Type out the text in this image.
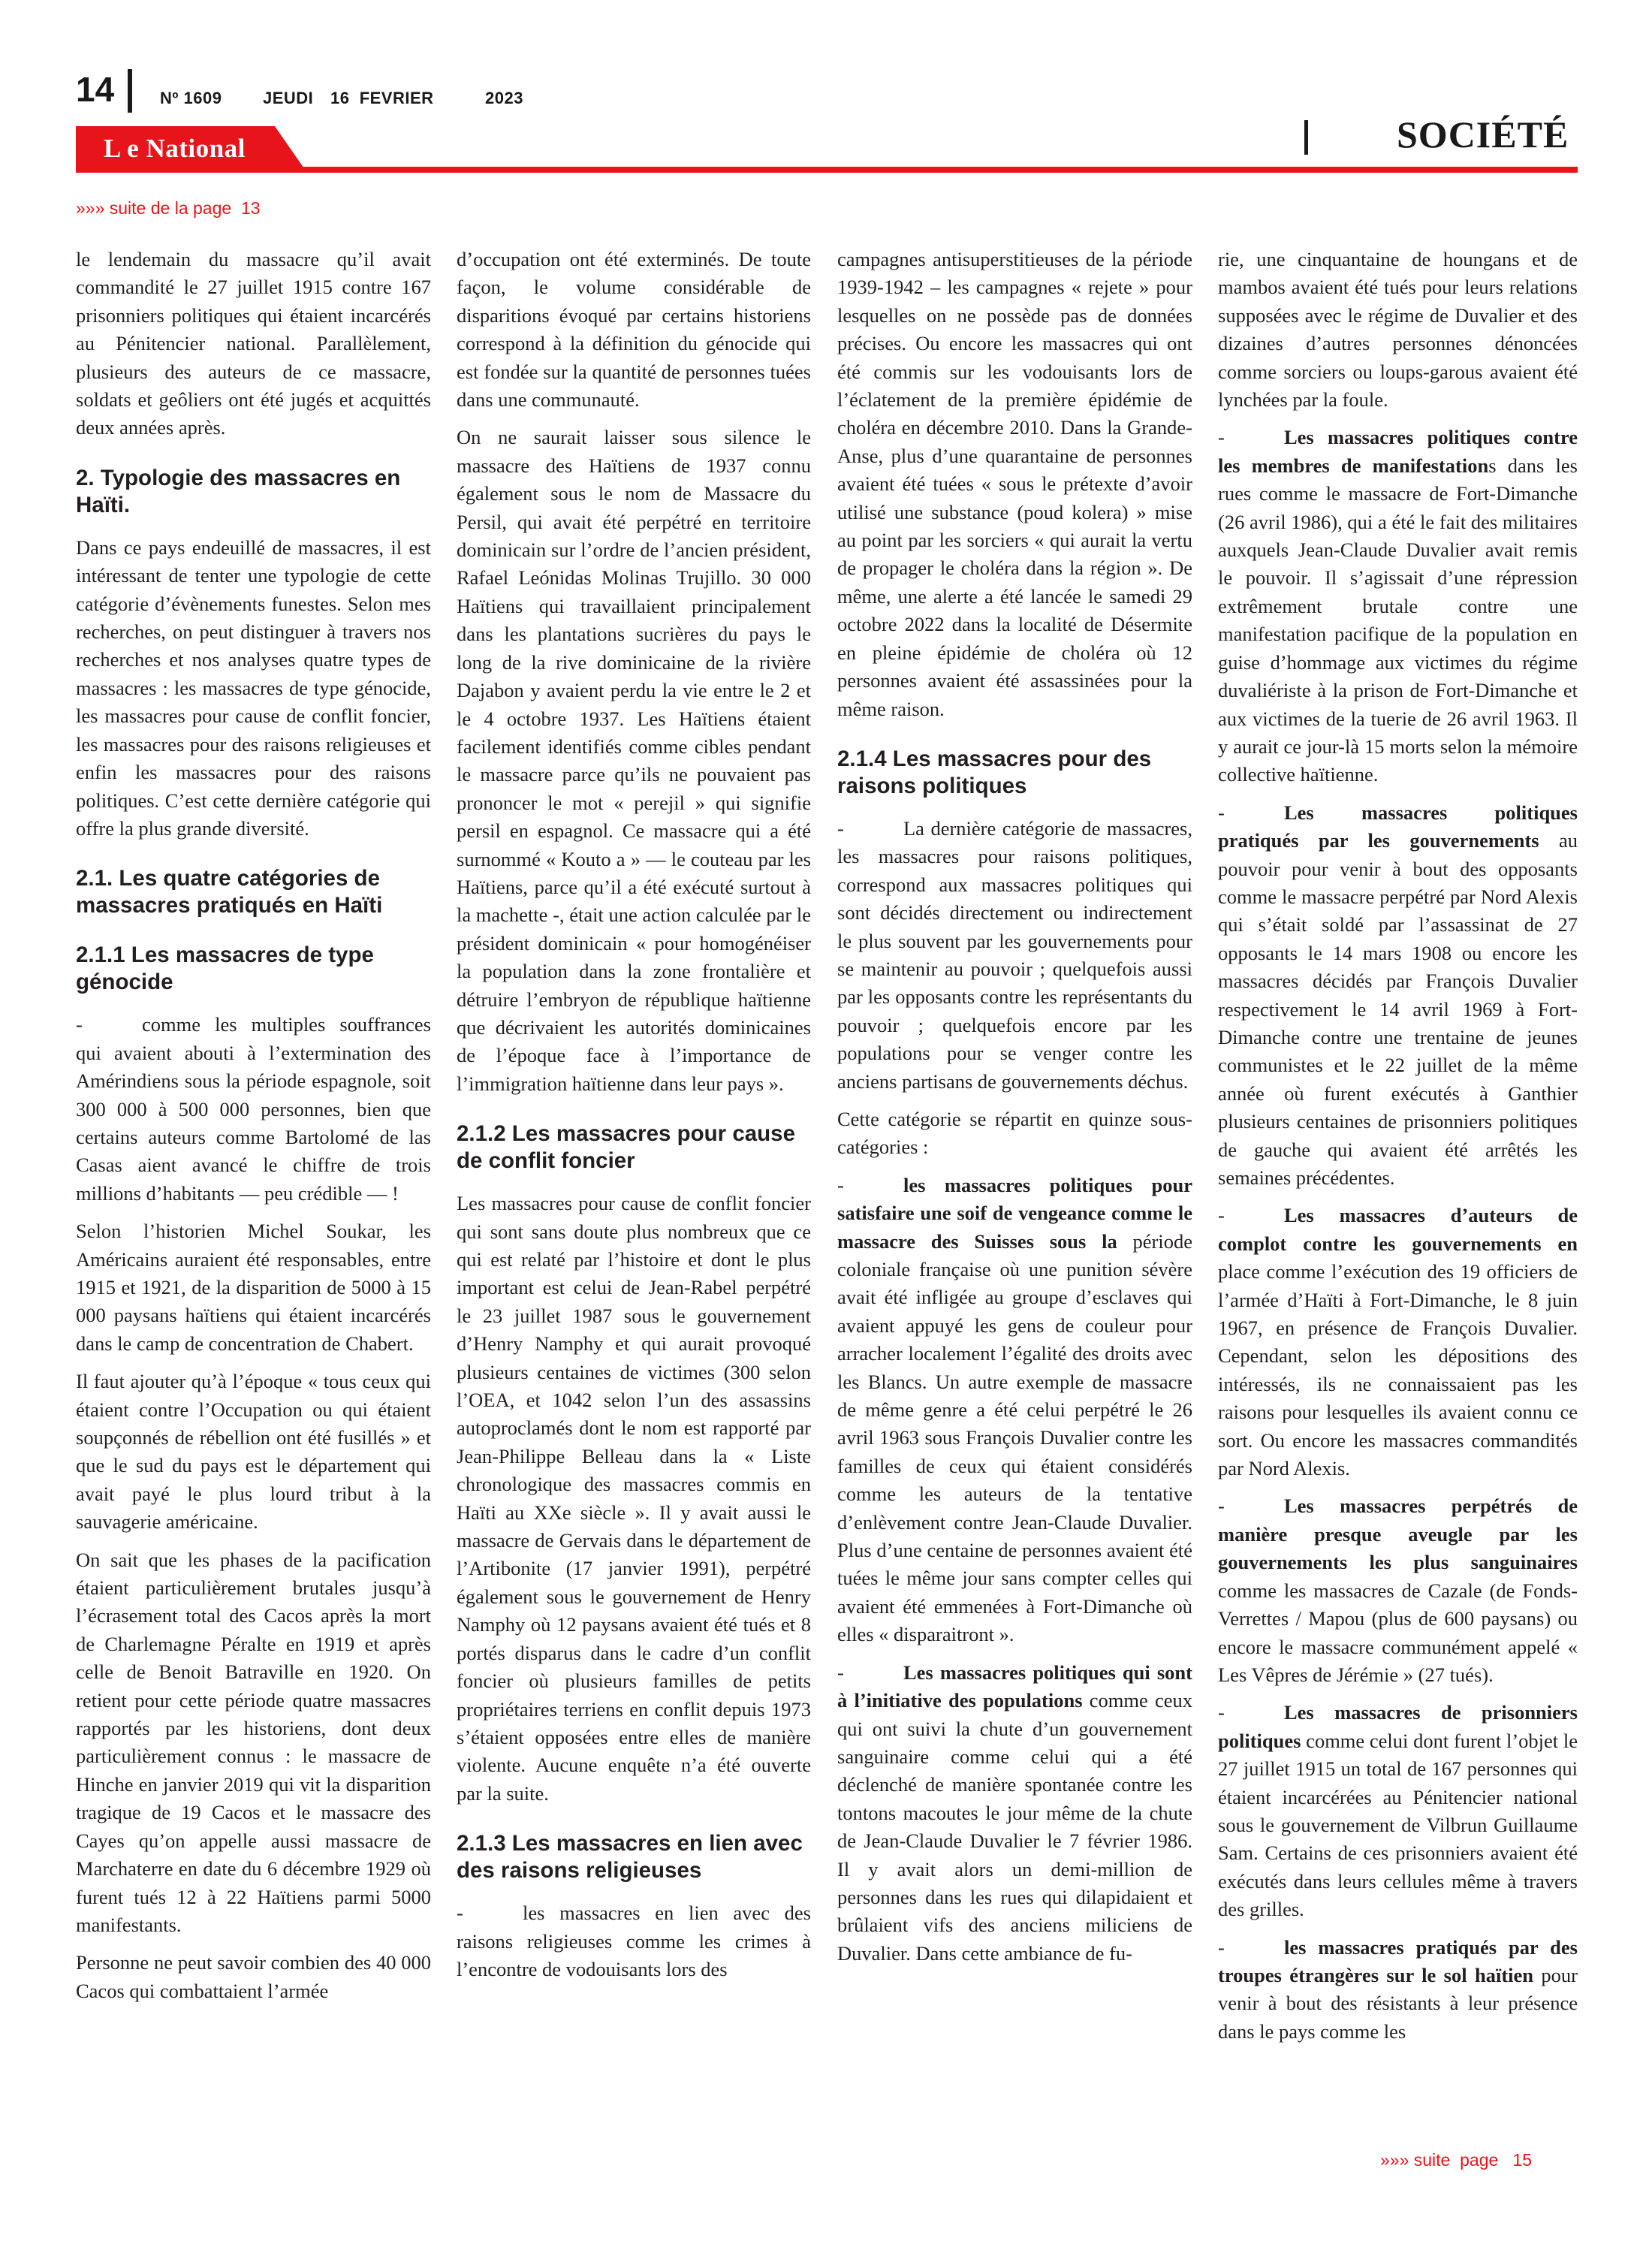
14	Nº 1609 JEUDI 16  FEVRIER	2023
L e National	SOCIÉTÉ
»»» suite de la page  13

le lendemain du massacre qu’il avait commandité le 27 juillet 1915 contre 167 prisonniers politiques qui étaient incarcérés au Pénitencier national. Parallèlement, plusieurs des auteurs de ce massacre, soldats et geôliers ont été jugés et acquittés deux années après.

2. Typologie des massacres en Haïti.

Dans ce pays endeuillé de massacres, il est intéressant de tenter une typologie de cette catégorie d’évènements funestes. Selon mes recherches, on peut distinguer à travers nos recherches et nos analyses quatre types de massacres : les massacres de type génocide, les massacres pour cause de conflit foncier, les massacres pour des raisons religieuses et enfin les massacres pour des raisons politiques. C’est cette dernière catégorie qui offre la plus grande diversité.

2.1. Les quatre catégories de massacres pratiqués en Haïti
2.1.1 Les massacres de type génocide

-	comme les multiples souffrances qui avaient abouti à l’extermination des Amérindiens sous la période espagnole, soit 300 000 à 500 000 personnes, bien que certains auteurs comme Bartolomé de las Casas aient avancé le chiffre de trois millions d’habitants — peu crédible — !

Selon l’historien Michel Soukar, les Américains auraient été responsables, entre 1915 et 1921, de la disparition de 5000 à 15 000 paysans haïtiens qui étaient incarcérés dans le camp de concentration de Chabert.

Il faut ajouter qu’à l’époque « tous ceux qui étaient contre l’Occupation ou qui étaient soupçonnés de rébellion ont été fusillés » et que le sud du pays est le département qui avait payé le plus lourd tribut à la sauvagerie américaine.

On sait que les phases de la pacification étaient particulièrement brutales jusqu’à l’écrasement total des Cacos après la mort de Charlemagne Péralte en 1919 et après celle de Benoit Batraville en 1920. On retient pour cette période quatre massacres rapportés par les historiens, dont deux particulièrement connus : le massacre de Hinche en janvier 2019 qui vit la disparition tragique de 19 Cacos et le massacre des Cayes qu’on appelle aussi massacre de Marchaterre en date du 6 décembre 1929 où furent tués 12 à 22 Haïtiens parmi 5000 manifestants.

Personne ne peut savoir combien des 40 000 Cacos qui combattaient l’armée

d’occupation ont été exterminés. De toute façon, le volume considérable de disparitions évoqué par certains historiens correspond à la définition du génocide qui est fondée sur la quantité de personnes tuées dans une communauté.

On ne saurait laisser sous silence le massacre des Haïtiens de 1937 connu également sous le nom de Massacre du Persil, qui avait été perpétré en territoire dominicain sur l’ordre de l’ancien président, Rafael Leónidas Molinas Trujillo. 30 000 Haïtiens qui travaillaient principalement dans les plantations sucrières du pays le long de la rive dominicaine de la rivière Dajabon y avaient perdu la vie entre le 2 et le 4 octobre 1937. Les Haïtiens étaient facilement identifiés comme cibles pendant le massacre parce qu’ils ne pouvaient pas prononcer le mot « perejil » qui signifie persil en espagnol. Ce massacre qui a été surnommé « Kouto a » — le couteau par les Haïtiens, parce qu’il a été exécuté surtout à la machette -, était une action calculée par le président dominicain « pour homogénéiser la population dans la zone frontalière et détruire l’embryon de république haïtienne que décrivaient les autorités dominicaines de l’époque face à l’importance de l’immigration haïtienne dans leur pays ».

2.1.2 Les massacres pour cause de conflit foncier

Les massacres pour cause de conflit foncier qui sont sans doute plus nombreux que ce qui est relaté par l’histoire et dont le plus important est celui de Jean-Rabel perpétré le 23 juillet 1987 sous le gouvernement d’Henry Namphy et qui aurait provoqué plusieurs centaines de victimes (300 selon l’OEA, et 1042 selon l’un des assassins autoproclamés dont le nom est rapporté par Jean-Philippe Belleau dans la « Liste chronologique des massacres commis en Haïti au XXe siècle ». Il y avait aussi le massacre de Gervais dans le département de l’Artibonite (17 janvier 1991), perpétré également sous le gouvernement de Henry Namphy où 12 paysans avaient été tués et 8 portés disparus dans le cadre d’un conflit foncier où plusieurs familles de petits propriétaires terriens en conflit depuis 1973 s’étaient opposées entre elles de manière violente. Aucune enquête n’a été ouverte par la suite.

2.1.3 Les massacres en lien avec des raisons religieuses

-	les massacres en lien avec des raisons religieuses comme les crimes à l’encontre de vodouisants lors des

campagnes antisuperstitieuses de la période 1939-1942 – les campagnes « rejete » pour lesquelles on ne possède pas de données précises. Ou encore les massacres qui ont été commis sur les vodouisants lors de l’éclatement de la première épidémie de choléra en décembre 2010. Dans la Grande-Anse, plus d’une quarantaine de personnes avaient été tuées « sous le prétexte d’avoir utilisé une substance (poud kolera) » mise au point par les sorciers « qui aurait la vertu de propager le choléra dans la région ». De même, une alerte a été lancée le samedi 29 octobre 2022 dans la localité de Désermite en pleine épidémie de choléra où 12 personnes avaient été assassinées pour la même raison.

2.1.4 Les massacres pour des raisons politiques

-	La dernière catégorie de massacres, les massacres pour raisons politiques, correspond aux massacres politiques qui sont décidés directement ou indirectement le plus souvent par les gouvernements pour se maintenir au pouvoir ; quelquefois aussi par les opposants contre les représentants du pouvoir ; quelquefois encore par les populations pour se venger contre les anciens partisans de gouvernements déchus.

Cette catégorie se répartit en quinze sous-catégories :

-	les massacres politiques pour satisfaire une soif de vengeance comme le massacre des Suisses sous la période coloniale française où une punition sévère avait été infligée au groupe d’esclaves qui avaient appuyé les gens de couleur pour arracher localement l’égalité des droits avec les Blancs. Un autre exemple de massacre de même genre a été celui perpétré le 26 avril 1963 sous François Duvalier contre les familles de ceux qui étaient considérés comme les auteurs de la tentative d’enlèvement contre Jean-Claude Duvalier. Plus d’une centaine de personnes avaient été tuées le même jour sans compter celles qui avaient été emmenées à Fort-Dimanche où elles « disparaitront ».

-	Les massacres politiques qui sont à l’initiative des populations comme ceux qui ont suivi la chute d’un gouvernement sanguinaire comme celui qui a été déclenché de manière spontanée contre les tontons macoutes le jour même de la chute de Jean-Claude Duvalier le 7 février 1986. Il y avait alors un demi-million de personnes dans les rues qui dilapidaient et brûlaient vifs des anciens miliciens de Duvalier. Dans cette ambiance de fu-

rie, une cinquantaine de houngans et de mambos avaient été tués pour leurs relations supposées avec le régime de Duvalier et des dizaines d’autres personnes dénoncées comme sorciers ou loups-garous avaient été lynchées par la foule.

-	Les massacres politiques contre les membres de manifestations dans les rues comme le massacre de Fort-Dimanche (26 avril 1986), qui a été le fait des militaires auxquels Jean-Claude Duvalier avait remis le pouvoir. Il s’agissait d’une répression extrêmement brutale contre une manifestation pacifique de la population en guise d’hommage aux victimes du régime duvaliériste à la prison de Fort-Dimanche et aux victimes de la tuerie de 26 avril 1963. Il y aurait ce jour-là 15 morts selon la mémoire collective haïtienne.

-	Les massacres politiques pratiqués par les gouvernements au pouvoir pour venir à bout des opposants comme le massacre perpétré par Nord Alexis qui s’était soldé par l’assassinat de 27 opposants le 14 mars 1908 ou encore les massacres décidés par François Duvalier respectivement le 14 avril 1969 à Fort-Dimanche contre une trentaine de jeunes communistes et le 22 juillet de la même année où furent exécutés à Ganthier plusieurs centaines de prisonniers politiques de gauche qui avaient été arrêtés les semaines précédentes.

-	Les massacres d’auteurs de complot contre les gouvernements en place comme l’exécution des 19 officiers de l’armée d’Haïti à Fort-Dimanche, le 8 juin 1967, en présence de François Duvalier. Cependant, selon les dépositions des intéressés, ils ne connaissaient pas les raisons pour lesquelles ils avaient connu ce sort. Ou encore les massacres commandités par Nord Alexis.

-	Les massacres perpétrés de manière presque aveugle par les gouvernements les plus sanguinaires comme les massacres de Cazale (de Fonds-Verrettes / Mapou (plus de 600 paysans) ou encore le massacre communément appelé « Les Vêpres de Jérémie » (27 tués).

-	Les massacres de prisonniers politiques comme celui dont furent l’objet le 27 juillet 1915 un total de 167 personnes qui étaient incarcérées au Pénitencier national sous le gouvernement de Vilbrun Guillaume Sam. Certains de ces prisonniers avaient été exécutés dans leurs cellules même à travers des grilles.

-	les massacres pratiqués par des troupes étrangères sur le sol haïtien pour venir à bout des résistants à leur présence dans le pays comme les

»»» suite  page   15
